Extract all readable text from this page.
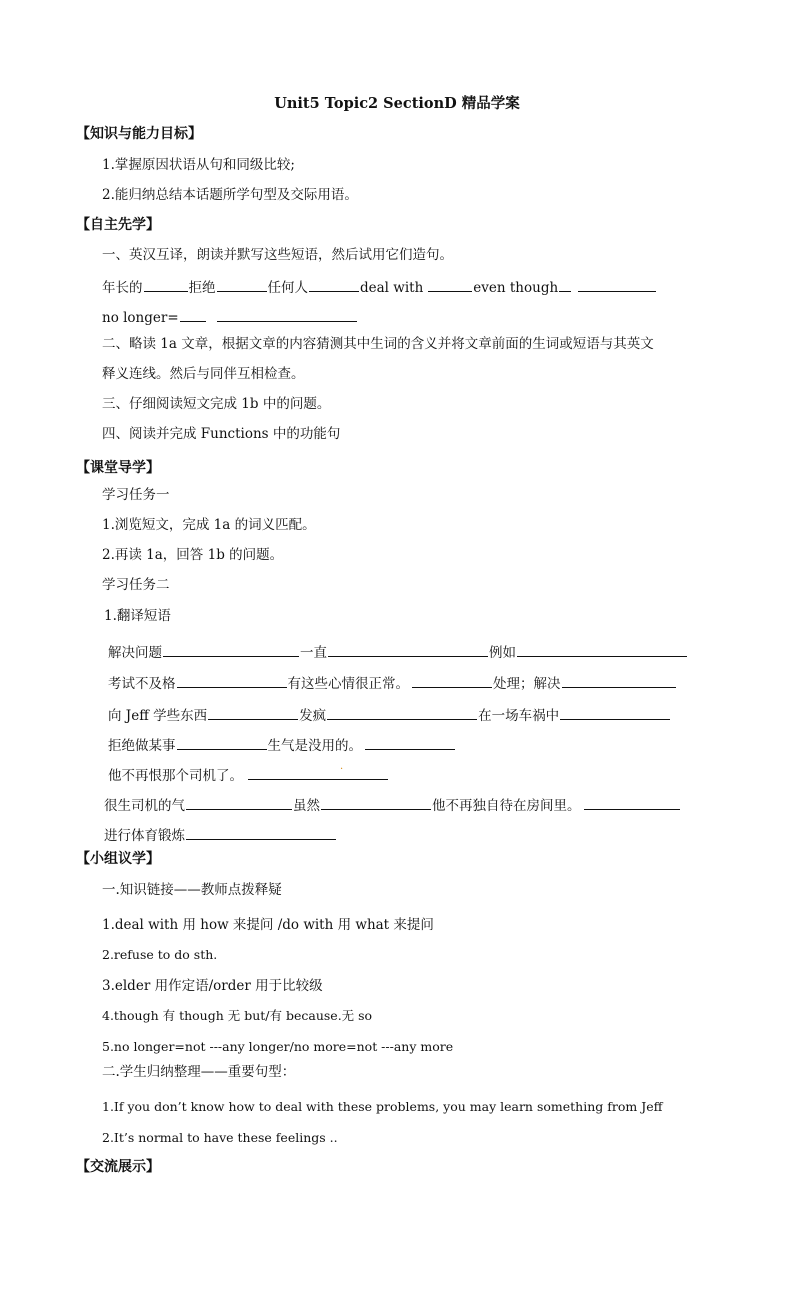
Unit5 Topic2 SectionD 精品学案
【知识与能力目标】
1.掌握原因状语从句和同级比较;
2.能归纳总结本话题所学句型及交际用语。
【自主先学】
一、英汉互译，朗读并默写这些短语，然后试用它们造句。
年长的	拒绝	任何人	deal with	even though
no longer=
二、略读 1a 文章，根据文章的内容猜测其中生词的含义并将文章前面的生词或短语与其英文
释义连线。然后与同伴互相检查。
三、仔细阅读短文完成 1b 中的问题。
四、阅读并完成 Functions 中的功能句
【课堂导学】
学习任务一
1.浏览短文，完成 1a 的词义匹配。
2.再读 1a，回答 1b 的问题。
学习任务二
1.翻译短语
解决问题	一直	例如
考试不及格	有这些心情很正常。	处理；解决
向 Jeff 学些东西	发疯	在一场车祸中
拒绝做某事	生气是没用的。
他不再恨那个司机了。	·
很生司机的气	虽然	他不再独自待在房间里。
进行体育锻炼
【小组议学】
一.知识链接——教师点拨释疑
1.deal with 用 how 来提问 /do with 用 what 来提问
2.refuse to do sth.
3.elder 用作定语/order 用于比较级
4.though 有 though 无 but/有 because.无 so
5.no longer=not ---any longer/no more=not ---any more
二.学生归纳整理——重要句型：
1.If you don’t know how to deal with these problems, you may learn something from Jeff
2.It’s normal to have these feelings ..
【交流展示】
